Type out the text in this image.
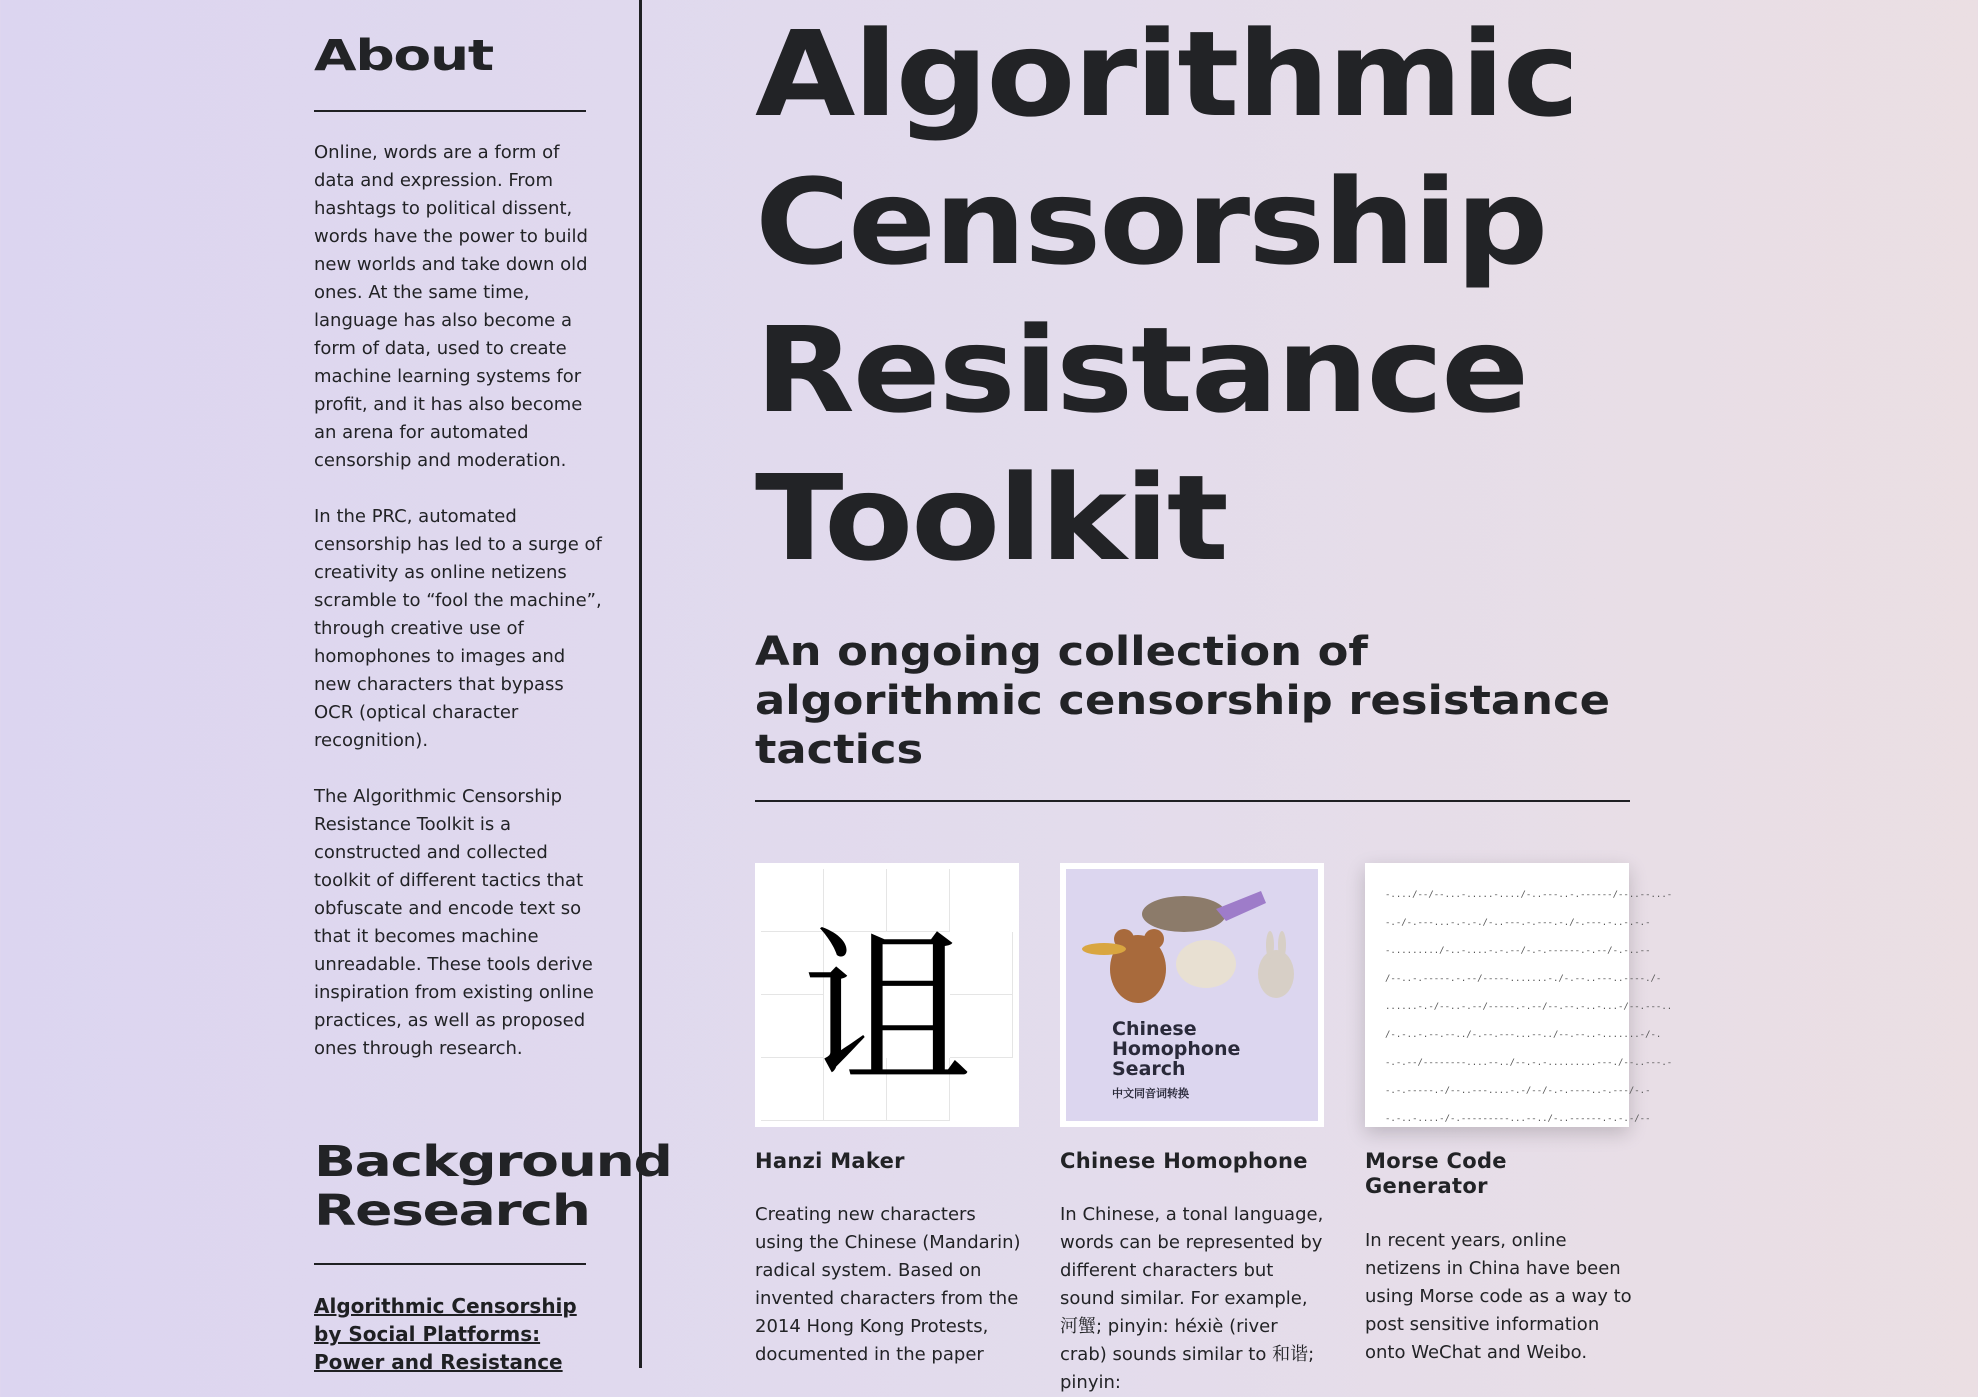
About

Online, words are a form of data and expression. From hashtags to political dissent, words have the power to build new worlds and take down old ones. At the same time, language has also become a form of data, used to create machine learning systems for profit, and it has also become an arena for automated censorship and moderation.

In the PRC, automated censorship has led to a surge of creativity as online netizens scramble to “fool the machine”, through creative use of homophones to images and new characters that bypass OCR (optical character recognition).

The Algorithmic Censorship Resistance Toolkit is a constructed and collected toolkit of different tactics that obfuscate and encode text so that it becomes machine unreadable. These tools derive inspiration from existing online practices, as well as proposed ones through research.

Background
Research
Algorithmic Censorship by Social Platforms: Power and Resistance
Algorithmic
Censorship
Resistance
Toolkit
An ongoing collection of
algorithmic censorship resistance
tactics
诅
Hanzi Maker

Creating new characters using the Chinese (Mandarin) radical system. Based on invented characters from the 2014 Hong Kong Protests, documented in the paper

Chinese
Homophone
Search
中文同音词转换
Chinese Homophone

In Chinese, a tonal language, words can be represented by different characters but sound similar. For example, 河蟹; pinyin: héxiè (river crab) sounds similar to 和谐; pinyin:

-..../--/--...-.....-..../-..---..-.------/--..--...-
-.-/-.---...-.-.-./-..---.-.---.-./-.---.-..-.-.-
-........./-..-....-.-.--/-.-.------.-.--/-.-..--
/--..-.-----.-.--/-----.......-./-.--..---..----./-
......-.-/--..-.--/-----.-.--/--.--.-..-...-/--.---..
/-.-..-.--.--../-.--.---...--../--.--..-.......-/-.
-.-.--/--------....--../--.-.-.........---./--..---.-
-.-.-----.-/--..---....-.-/--/-.-.----..-.---/-.-
-.-..-....-/-.---------...--../-..------.-.-.-/--
Morse Code
Generator

In recent years, online netizens in China have been using Morse code as a way to post sensitive information onto WeChat and Weibo.
